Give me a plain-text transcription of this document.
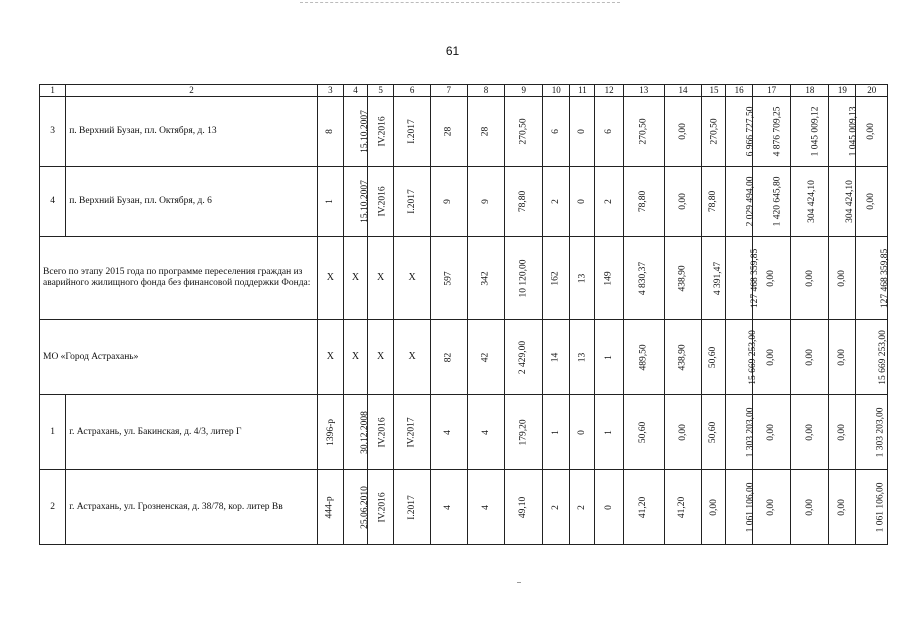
61
1	2	3	4	5	6	7	8	9	10	11	12	13	14	15	16	17	18	19	20
3	п. Верхний Бузан, пл. Октября, д. 13	8	15.10.2007	IV.2016	I.2017	28	28	270,50	6	0	6	270,50	0,00	270,50	6 966 727,50	4 876 709,25	1 045 009,12	1 045 009,13	0,00
4	п. Верхний Бузан, пл. Октября, д. 6	1	15.10.2007	IV.2016	I.2017	9	9	78,80	2	0	2	78,80	0,00	78,80	2 029 494,00	1 420 645,80	304 424,10	304 424,10	0,00
Всего по этапу 2015 года по программе переселения граждан из аварийного жилищного фонда без финансовой поддержки Фонда:		X	X	X	X	597	342	10 120,00	162	13	149	4 830,37	438,90	4 391,47	127 468 359,85	0,00	0,00	0,00	127 468 359,85
МО «Город Астрахань»		X	X	X	X	82	42	2 429,00	14	13	1	489,50	438,90	50,60	15 669 253,00	0,00	0,00	0,00	15 669 253,00
1	г. Астрахань, ул. Бакинская, д. 4/3, литер Г	1396-р	30.12.2008	IV.2016	IV.2017	4	4	179,20	1	0	1	50,60	0,00	50,60	1 303 203,00	0,00	0,00	0,00	1 303 203,00
2	г. Астрахань, ул. Грозненская, д. 38/78, кор. литер Вв	444-р	25.06.2010	IV.2016	I.2017	4	4	49,10	2	2	0	41,20	41,20	0,00	1 061 106,00	0,00	0,00	0,00	1 061 106,00
